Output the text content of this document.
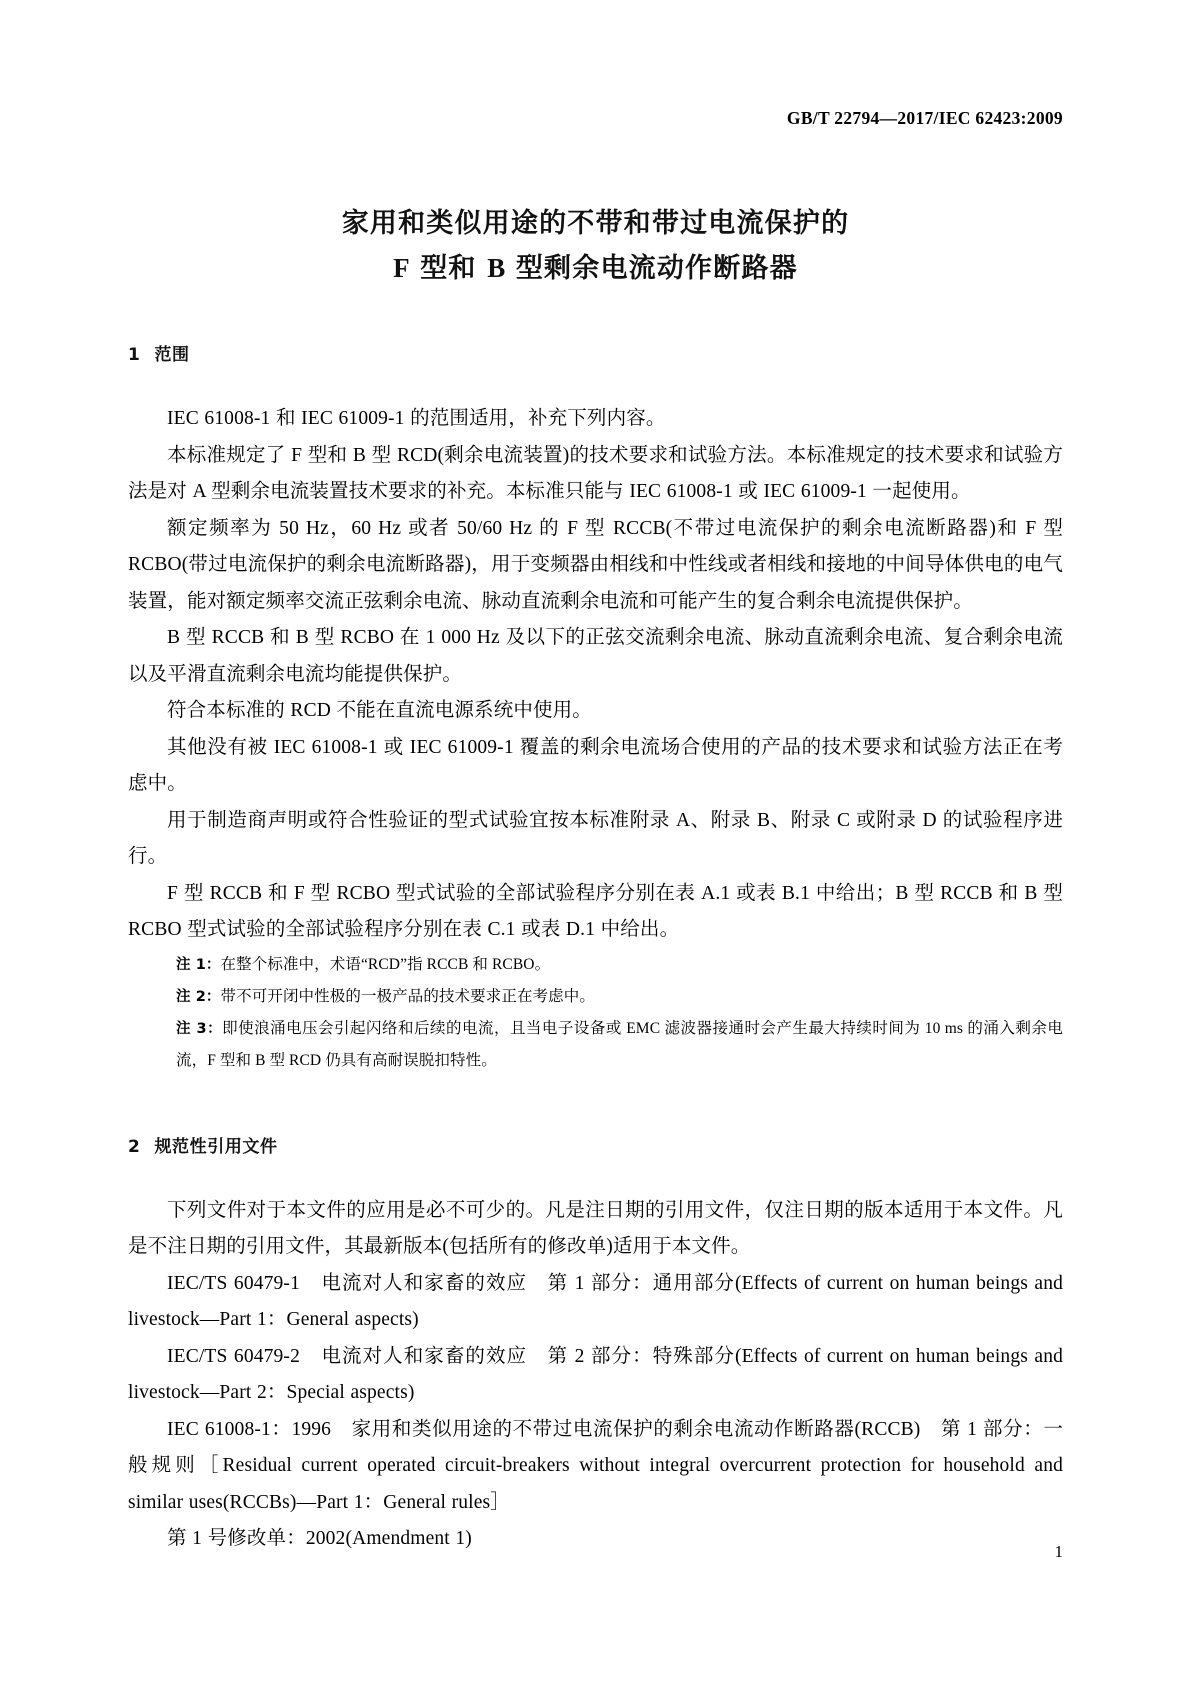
GB/T 22794—2017/IEC 62423:2009
家用和类似用途的不带和带过电流保护的
F 型和 B 型剩余电流动作断路器
1 范围

IEC 61008-1 和 IEC 61009-1 的范围适用，补充下列内容。

本标准规定了 F 型和 B 型 RCD(剩余电流装置)的技术要求和试验方法。本标准规定的技术要求和试验方法是对 A 型剩余电流装置技术要求的补充。本标准只能与 IEC 61008-1 或 IEC 61009-1 一起使用。

额定频率为 50 Hz，60 Hz 或者 50/60 Hz 的 F 型 RCCB(不带过电流保护的剩余电流断路器)和 F 型 RCBO(带过电流保护的剩余电流断路器)，用于变频器由相线和中性线或者相线和接地的中间导体供电的电气装置，能对额定频率交流正弦剩余电流、脉动直流剩余电流和可能产生的复合剩余电流提供保护。

B 型 RCCB 和 B 型 RCBO 在 1 000 Hz 及以下的正弦交流剩余电流、脉动直流剩余电流、复合剩余电流以及平滑直流剩余电流均能提供保护。

符合本标准的 RCD 不能在直流电源系统中使用。

其他没有被 IEC 61008-1 或 IEC 61009-1 覆盖的剩余电流场合使用的产品的技术要求和试验方法正在考虑中。

用于制造商声明或符合性验证的型式试验宜按本标准附录 A、附录 B、附录 C 或附录 D 的试验程序进行。

F 型 RCCB 和 F 型 RCBO 型式试验的全部试验程序分别在表 A.1 或表 B.1 中给出；B 型 RCCB 和 B 型 RCBO 型式试验的全部试验程序分别在表 C.1 或表 D.1 中给出。

注 1：在整个标准中，术语“RCD”指 RCCB 和 RCBO。

注 2：带不可开闭中性极的一极产品的技术要求正在考虑中。

注 3：即使浪涌电压会引起闪络和后续的电流，且当电子设备或 EMC 滤波器接通时会产生最大持续时间为 10 ms 的涌入剩余电流，F 型和 B 型 RCD 仍具有高耐误脱扣特性。

2 规范性引用文件

下列文件对于本文件的应用是必不可少的。凡是注日期的引用文件，仅注日期的版本适用于本文件。凡是不注日期的引用文件，其最新版本(包括所有的修改单)适用于本文件。

IEC/TS 60479-1　电流对人和家畜的效应　第 1 部分：通用部分(Effects of current on human beings and livestock—Part 1：General aspects)

IEC/TS 60479-2　电流对人和家畜的效应　第 2 部分：特殊部分(Effects of current on human beings and livestock—Part 2：Special aspects)

IEC 61008-1：1996　家用和类似用途的不带过电流保护的剩余电流动作断路器(RCCB)　第 1 部分：一般规则［Residual current operated circuit-breakers without integral overcurrent protection for household and similar uses(RCCBs)—Part 1：General rules］

第 1 号修改单：2002(Amendment 1)

1
